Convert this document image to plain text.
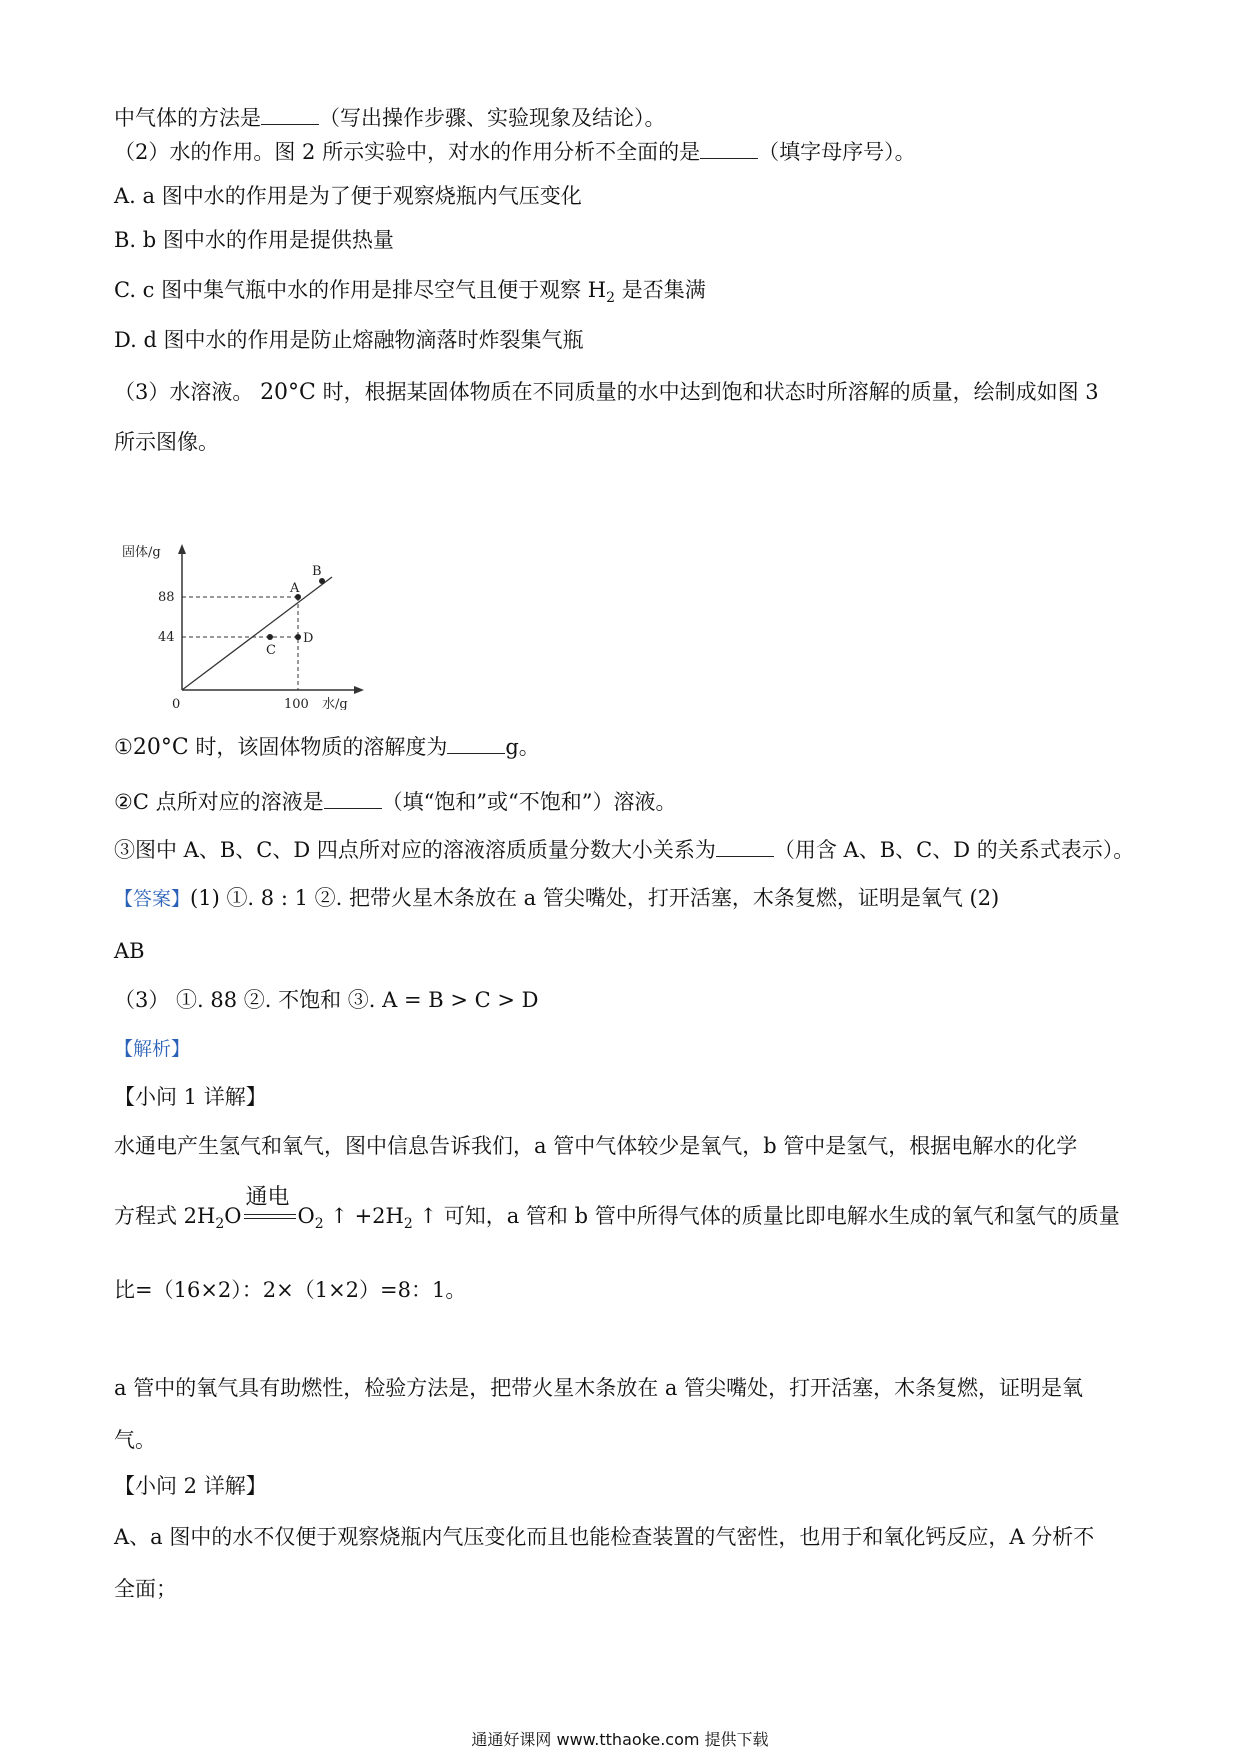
中气体的方法是	（写出操作步骤、实验现象及结论）。
（2）水的作用。图 2 所示实验中，对水的作用分析不全面的是	（填字母序号）。
A. a 图中水的作用是为了便于观察烧瓶内气压变化
B. b 图中水的作用是提供热量
C. c 图中集气瓶中水的作用是排尽空气且便于观察 $H_2$ 是否集满
D. d 图中水的作用是防止熔融物滴落时炸裂集气瓶
（3）水溶液。 20°C 时，根据某固体物质在不同质量的水中达到饱和状态时所溶解的质量，绘制成如图 3
所示图像。
固体/g
水/g
0
88
44
100
A
B
C
D
①20°C 时，该固体物质的溶解度为	g。
②C 点所对应的溶液是	（填“饱和”或“不饱和”）溶液。
③图中 A、B、C、D 四点所对应的溶液溶质质量分数大小关系为	（用含 A、B、C、D 的关系式表示）。
【答案】(1) ①. 8 : 1 ②. 把带火星木条放在 a 管尖嘴处，打开活塞，木条复燃，证明是氧气 (2)
AB
（3） ①. 88 ②. 不饱和 ③. A = B > C > D
【解析】
【小问 1 详解】
水通电产生氢气和氧气，图中信息告诉我们，a 管中气体较少是氧气，b 管中是氢气，根据电解水的化学
方程式 $2H_2O$
通电
$O_2$ ↑ $+2H_2$ ↑ 可知，a 管和 b 管中所得气体的质量比即电解水生成的氧气和氢气的质量
比=（16×2）：2×（1×2）=8：1。
a 管中的氧气具有助燃性，检验方法是，把带火星木条放在 a 管尖嘴处，打开活塞，木条复燃，证明是氧
气。
【小问 2 详解】
A、a 图中的水不仅便于观察烧瓶内气压变化而且也能检查装置的气密性，也用于和氧化钙反应，A 分析不
全面；
通通好课网 www.tthaoke.com 提供下载
